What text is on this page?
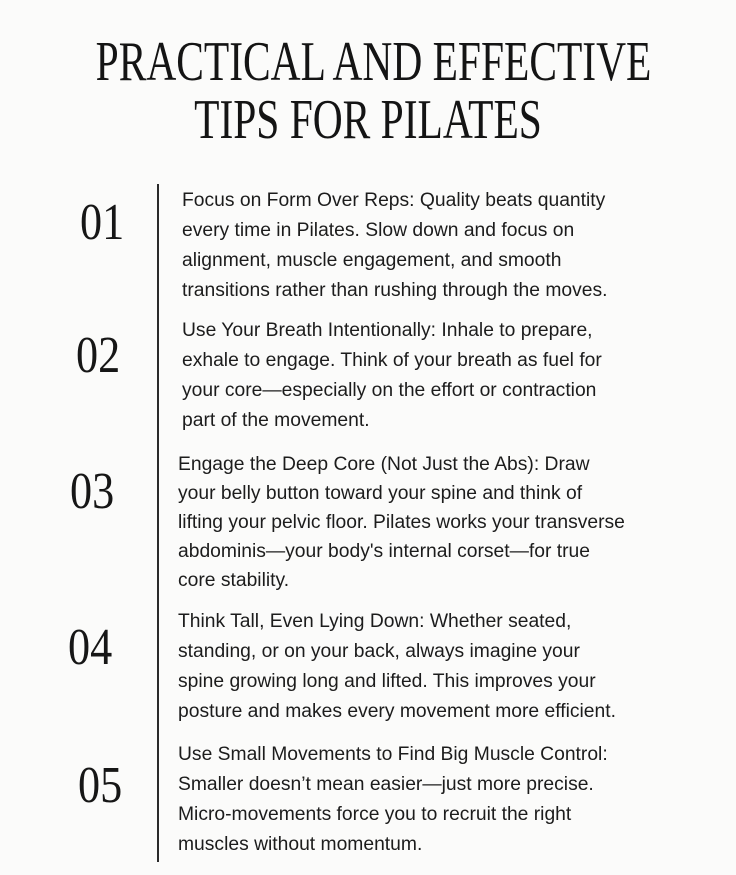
PRACTICAL AND EFFECTIVE
TIPS FOR PILATES
01	Focus on Form Over Reps: Quality beats quantity
every time in Pilates. Slow down and focus on
alignment, muscle engagement, and smooth
transitions rather than rushing through the moves.
02	Use Your Breath Intentionally: Inhale to prepare,
exhale to engage. Think of your breath as fuel for
your core—especially on the effort or contraction
part of the movement.
03	Engage the Deep Core (Not Just the Abs): Draw
your belly button toward your spine and think of
lifting your pelvic floor. Pilates works your transverse
abdominis—your body's internal corset—for true
core stability.
04	Think Tall, Even Lying Down: Whether seated,
standing, or on your back, always imagine your
spine growing long and lifted. This improves your
posture and makes every movement more efficient.
05
Use Small Movements to Find Big Muscle Control:
Smaller doesn’t mean easier—just more precise.
Micro-movements force you to recruit the right
muscles without momentum.
